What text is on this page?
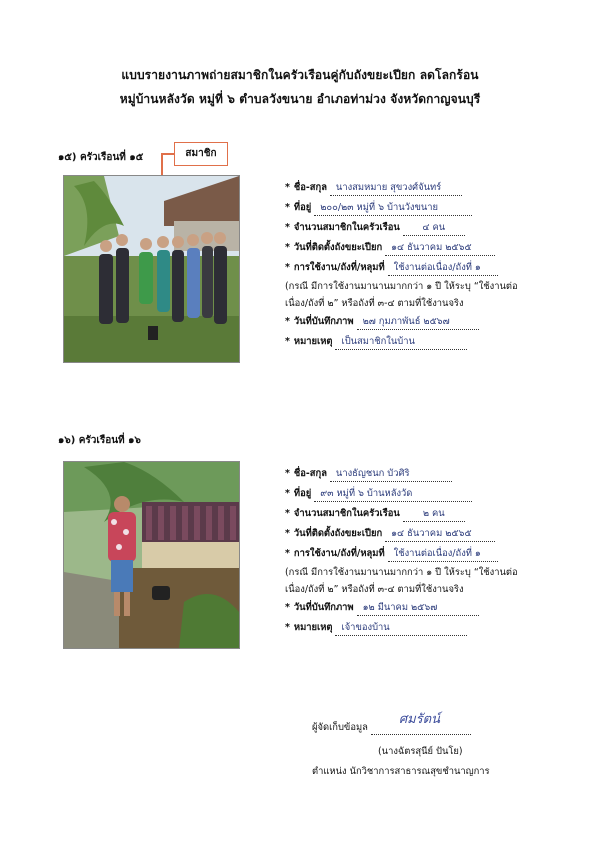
แบบรายงานภาพถ่ายสมาชิกในครัวเรือนคู่กับถังขยะเปียก ลดโลกร้อน
หมู่บ้านหลังวัด หมู่ที่ ๖ ตำบลวังขนาย อำเภอท่าม่วง จังหวัดกาญจนบุรี
๑๕) ครัวเรือนที่ ๑๕	สมาชิก
* ชื่อ-สกุล นางสมหมาย สุขวงศ์จันทร์
* ที่อยู่ ๒๐๐/๒๓ หมู่ที่ ๖ บ้านวังขนาย
* จำนวนสมาชิกในครัวเรือน ๔ คน
* วันที่ติดตั้งถังขยะเปียก ๑๔ ธันวาคม ๒๕๖๕
* การใช้งาน/ถังที่/หลุมที่ ใช้งานต่อเนื่อง/ถังที่ ๑
(กรณี มีการใช้งานมานานมากกว่า ๑ ปี ให้ระบุ “ใช้งานต่อเนื่อง/ถังที่ ๒” หรือถังที่ ๓-๔ ตามที่ใช้งานจริง
* วันที่บันทึกภาพ ๒๗ กุมภาพันธ์ ๒๕๖๗
* หมายเหตุ เป็นสมาชิกในบ้าน
๑๖) ครัวเรือนที่ ๑๖
* ชื่อ-สกุล นางธัญชนก บัวศิริ
* ที่อยู่ ๙๓ หมู่ที่ ๖ บ้านหลังวัด
* จำนวนสมาชิกในครัวเรือน ๒ คน
* วันที่ติดตั้งถังขยะเปียก ๑๔ ธันวาคม ๒๕๖๕
* การใช้งาน/ถังที่/หลุมที่ ใช้งานต่อเนื่อง/ถังที่ ๑
(กรณี มีการใช้งานมานานมากกว่า ๑ ปี ให้ระบุ “ใช้งานต่อเนื่อง/ถังที่ ๒” หรือถังที่ ๓-๔ ตามที่ใช้งานจริง
* วันที่บันทึกภาพ ๑๒ มีนาคม ๒๕๖๗
* หมายเหตุ เจ้าของบ้าน
ผู้จัดเก็บข้อมูล
ศมรัตน์
(นางฉัตรสุนีย์ ปันโย)
ตำแหน่ง นักวิชาการสาธารณสุขชำนาญการ
